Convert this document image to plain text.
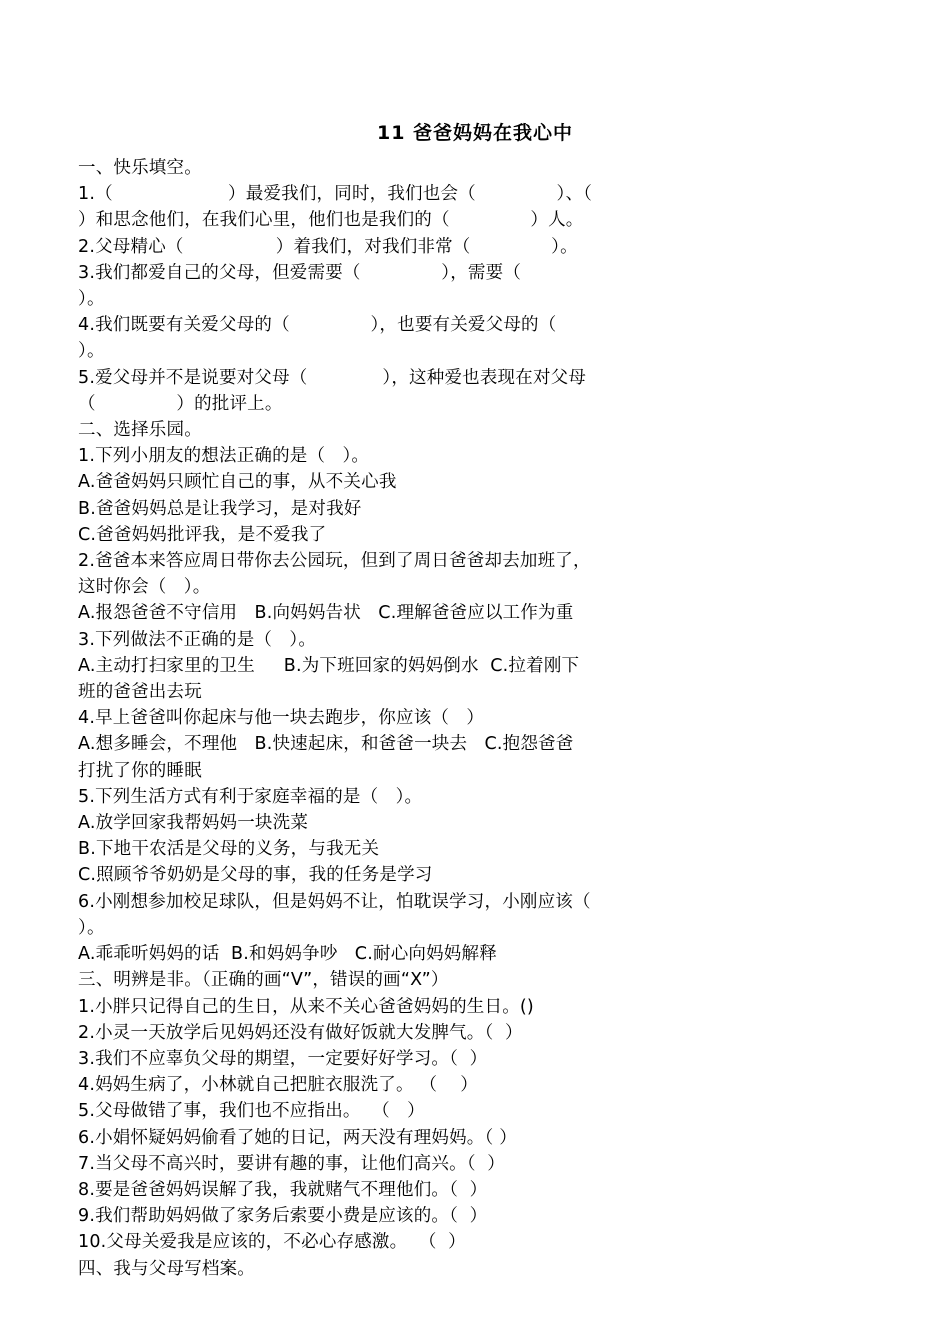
11 爸爸妈妈在我心中

一、快乐填空。

1.（                    ）最爱我们，同时，我们也会（              ）、（

）和思念他们，在我们心里，他们也是我们的（              ）人。

2.父母精心（                ）着我们，对我们非常（              ）。

3.我们都爱自己的父母，但爱需要（              ），需要（

）。

4.我们既要有关爱父母的（              ），也要有关爱父母的（

）。

5.爱父母并不是说要对父母（             ），这种爱也表现在对父母

（              ）的批评上。

二、选择乐园。

1.下列小朋友的想法正确的是（   ）。

A.爸爸妈妈只顾忙自己的事，从不关心我

B.爸爸妈妈总是让我学习，是对我好

C.爸爸妈妈批评我，是不爱我了

2.爸爸本来答应周日带你去公园玩，但到了周日爸爸却去加班了，

这时你会（   ）。

A.报怨爸爸不守信用   B.向妈妈告状   C.理解爸爸应以工作为重

3.下列做法不正确的是（   ）。

A.主动打扫家里的卫生     B.为下班回家的妈妈倒水  C.拉着刚下

班的爸爸出去玩

4.早上爸爸叫你起床与他一块去跑步，你应该（   ）

A.想多睡会，不理他   B.快速起床，和爸爸一块去   C.抱怨爸爸

打扰了你的睡眠

5.下列生活方式有利于家庭幸福的是（   ）。

A.放学回家我帮妈妈一块洗菜

B.下地干农活是父母的义务，与我无关

C.照顾爷爷奶奶是父母的事，我的任务是学习

6.小刚想参加校足球队，但是妈妈不让，怕耽误学习，小刚应该（

）。

A.乖乖听妈妈的话  B.和妈妈争吵   C.耐心向妈妈解释

三、明辨是非。（正确的画“V”，错误的画“X”）

1.小胖只记得自己的生日，从来不关心爸爸妈妈的生日。()

2.小灵一天放学后见妈妈还没有做好饭就大发脾气。（  ）

3.我们不应辜负父母的期望，一定要好好学习。（  ）

4.妈妈生病了，小林就自己把脏衣服洗了。 （    ）

5.父母做错了事，我们也不应指出。  （   ）

6.小娟怀疑妈妈偷看了她的日记，两天没有理妈妈。（ ）

7.当父母不高兴时，要讲有趣的事，让他们高兴。（  ）

8.要是爸爸妈妈误解了我，我就赌气不理他们。（  ）

9.我们帮助妈妈做了家务后索要小费是应该的。（  ）

10.父母关爱我是应该的，不必心存感激。  （  ）

四、我与父母写档案。
